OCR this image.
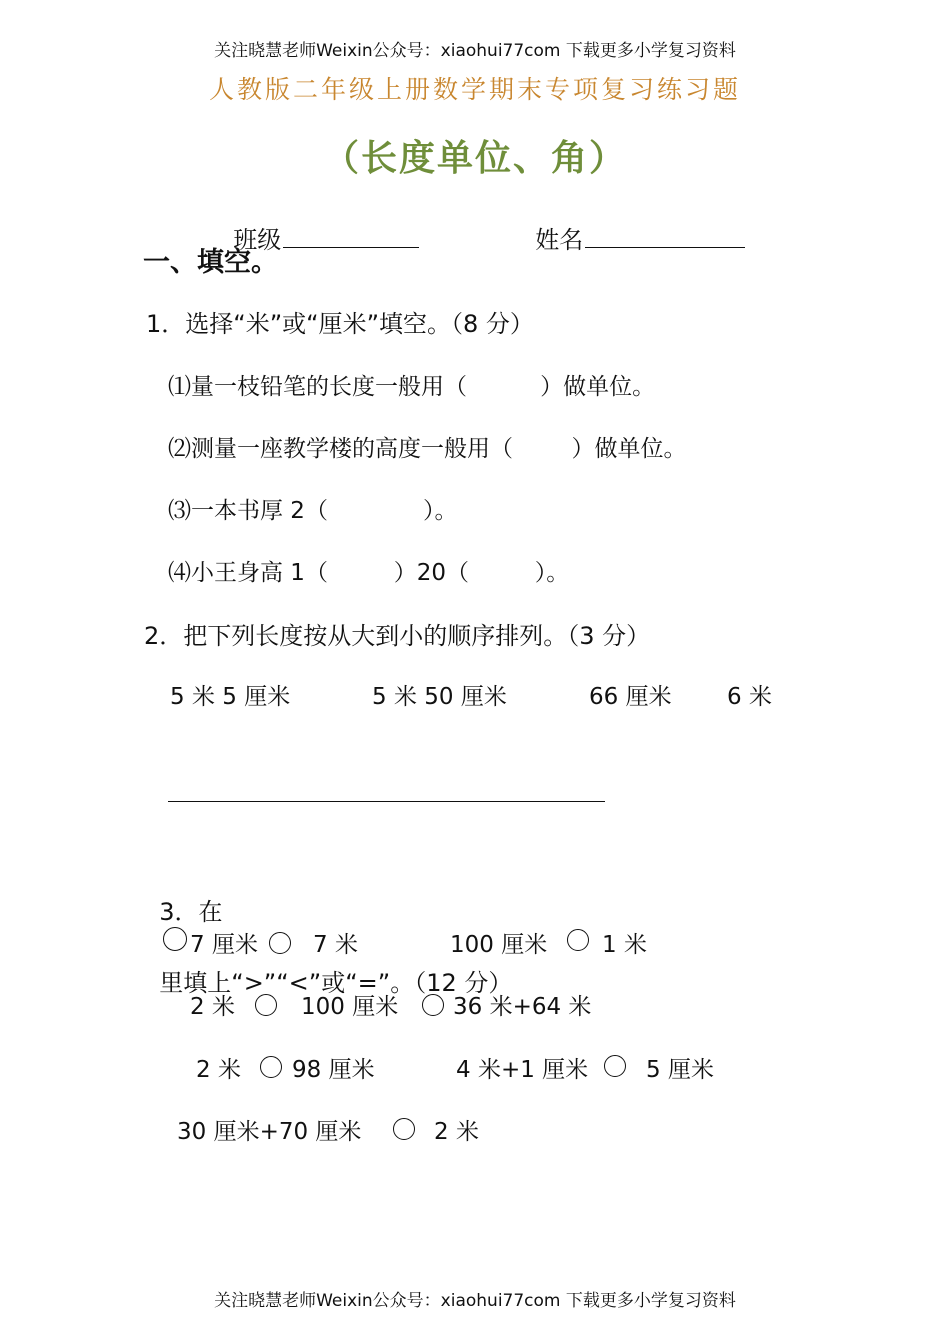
关注晓慧老师Weixin公众号：xiaohui77com 下载更多小学复习资料
人教版二年级上册数学期末专项复习练习题
（长度单位、角）

班级	姓名

一、填空。
1．选择“米”或“厘米”填空。（8 分）
⑴量一枝铅笔的长度一般用（          ）做单位。
⑵测量一座教学楼的高度一般用（        ）做单位。
⑶一本书厚 2（             ）。
⑷小王身高 1（         ）20（         ）。
2．把下列长度按从大到小的顺序排列。（3 分）
5 米 5 厘米	5 米 50 厘米	66 厘米 6 米

3．在

里填上“>”“<”或“=”。（12 分）

7 厘米 7 米	100 厘米 1 米
2 米	100 厘米 36 米+64 米
2 米 98 厘米	4 米+1 厘米	5 厘米
30 厘米+70 厘米	2 米
关注晓慧老师Weixin公众号：xiaohui77com 下载更多小学复习资料
